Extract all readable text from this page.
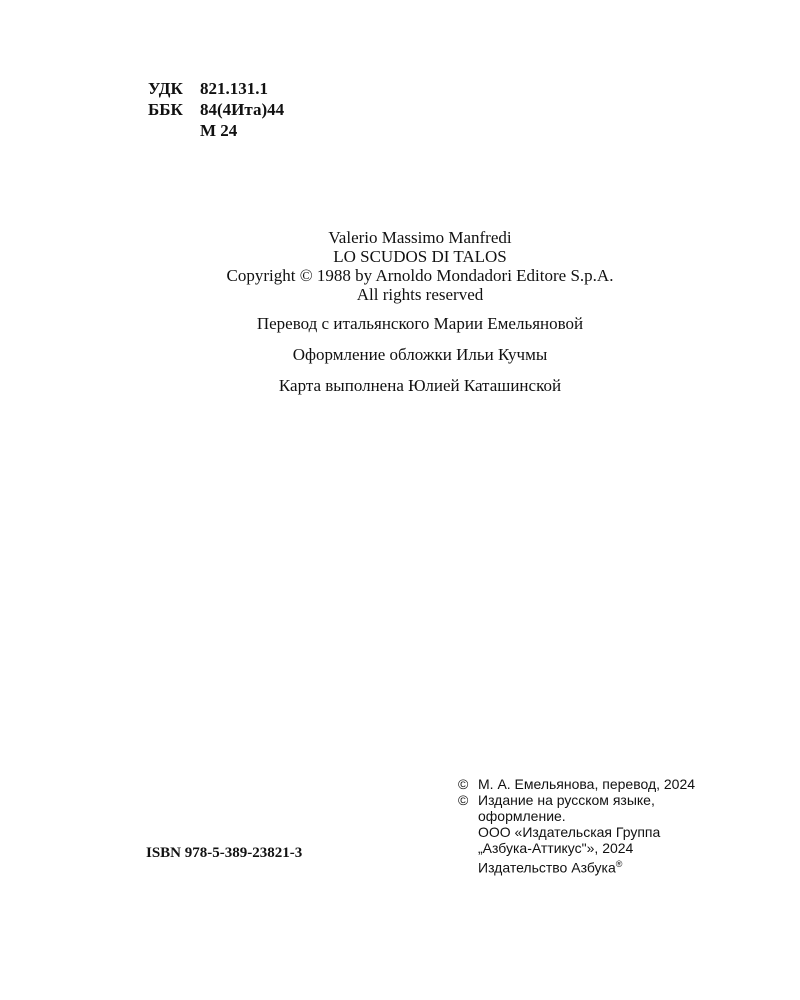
УДК	821.131.1
ББК	84(4Ита)44
М 24
Valerio Massimo Manfredi
LO SCUDOS DI TALOS
Copyright © 1988 by Arnoldo Mondadori Editore S.p.A.
All rights reserved
Перевод с итальянского Марии Емельяновой
Оформление обложки Ильи Кучмы
Карта выполнена Юлией Каташинской
ISBN 978-5-389-23821-3
© М. А. Емельянова, перевод, 2024
© Издание на русском языке,
оформление.
ООО «Издательская Группа
„Азбука-Аттикус"», 2024
Издательство Азбука®
